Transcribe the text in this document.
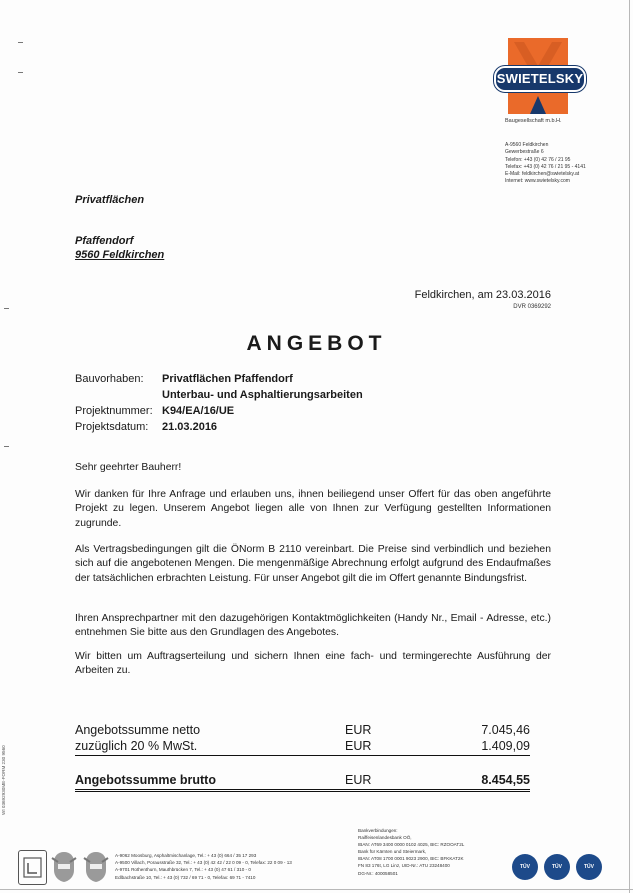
SWIETELSKY
Baugesellschaft m.b.H.
A-9560 Feldkirchen
Gewerbestraße 6
Telefon: +43 (0) 42 76 / 21 95
Telefax: +43 (0) 42 76 / 21 95 - 4141
E-Mail: feldkirchen@swietelsky.at
Internet: www.swietelsky.com
Privatflächen
Pfaffendorf
9560 Feldkirchen
Feldkirchen, am 23.03.2016
DVR 0369292
ANGEBOT
Bauvorhaben: Privatflächen Pfaffendorf
Unterbau- und Asphaltierungsarbeiten
Projektnummer: K94/EA/16/UE
Projektsdatum: 21.03.2016
Sehr geehrter Bauherr!
Wir danken für Ihre Anfrage und erlauben uns, ihnen beiliegend unser Offert für das oben angeführte Projekt zu legen. Unserem Angebot liegen alle von Ihnen zur Verfügung gestellten Informationen zugrunde.
Als Vertragsbedingungen gilt die ÖNorm B 2110 vereinbart. Die Preise sind verbindlich und beziehen sich auf die angebotenen Mengen. Die mengenmäßige Abrechnung erfolgt aufgrund des Endaufmaßes der tatsächlichen erbrachten Leistung. Für unser Angebot gilt die im Offert genannte Bindungsfrist.
Ihren Ansprechpartner mit den dazugehörigen Kontaktmöglichkeiten (Handy Nr., Email - Adresse, etc.) entnehmen Sie bitte aus den Grundlagen des Angebotes.
Wir bitten um Auftragserteilung und sichern Ihnen eine fach- und termingerechte Ausführung der Arbeiten zu.
Angebotssumme netto	EUR	7.045,46
zuzüglich 20 % MwSt.	EUR	1.409,09
Angebotssumme brutto	EUR	8.454,55
WI 03692930ME-FORM 230 9560
A-9062 Moosburg, Asphaltmischanlage, Tel.: + 43 (0) 664 / 35 17 293
A-9500 Villach, Porausstraße 32, Tel.: + 43 (0) 42 42 / 22 0 09 - 0, Telefax: 22 0 09 - 13
A-9701 Rothenthurn, Mauthbrücken 7, Tel.: + 43 (0) 47 61 / 310 - 0
Edlbachstraße 10, Tel.: + 43 (0) 732 / 69 71 - 0, Telefax: 69 71 - 7410
Bankverbindungen:
Raiffeisenlandesbank OÖ,
IBAN: AT69 3400 0000 0102 4025, BIC: RZOOAT2L
Bank für Kärnten und Steiermark,
IBAN: AT08 1700 0001 9023 2900, BIC: BFKKAT2K
FN 83 176t, LG Linz, UID-Nr.: ATU 23248400
DG-Nr.: 400058501
TÜV	TÜV	TÜV
